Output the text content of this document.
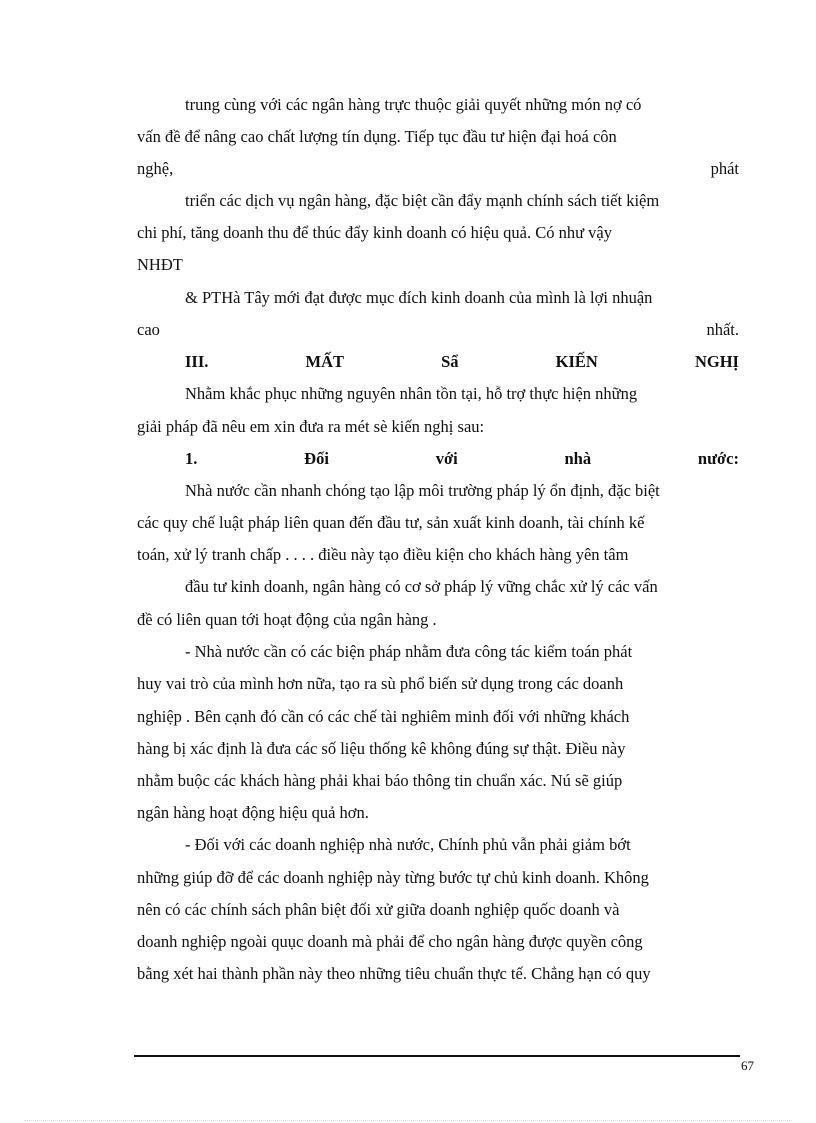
trung cùng với các ngân hàng trực thuộc giải quyết những món nợ có
vấn đề để nâng cao chất lượng tín dụng. Tiếp tục đầu tư hiện đại hoá côn
nghệ,	phát
triển các dịch vụ ngân hàng, đặc biệt cần đẩy mạnh chính sách tiết kiệm
chi phí, tăng doanh thu để thúc đẩy kinh doanh có hiệu quả. Có như vậy
NHĐT
& PTHà Tây mới đạt được mục đích kinh doanh của mình là lợi nhuận
cao	nhất.
III.	MẤT	Sẩ	KIẾN	NGHỊ
Nhằm khắc phục những nguyên nhân tồn tại, hỗ trợ thực hiện những
giải pháp đã nêu em xin đưa ra mét sè kiến nghị sau:
1.	Đối	với	nhà	nước:
Nhà nước cần nhanh chóng tạo lập môi trường pháp lý ổn định, đặc biệt
các quy chế luật pháp liên quan đến đầu tư, sản xuất kinh doanh, tài chính kế
toán, xử lý tranh chấp . . . . điều này tạo điều kiện cho khách hàng yên tâm
đầu tư kinh doanh, ngân hàng có cơ sở pháp lý vững chắc xử lý các vấn
đề có liên quan tới hoạt động của ngân hàng .
- Nhà nước cần có các biện pháp nhằm đưa công tác kiểm toán phát
huy vai trò của mình hơn nữa, tạo ra sù phổ biến sử dụng trong các doanh
nghiệp . Bên cạnh đó cần có các chế tài nghiêm minh đối với những khách
hàng bị xác định là đưa các số liệu thống kê không đúng sự thật. Điều này
nhằm buộc các khách hàng phải khai báo thông tin chuẩn xác. Nú sẽ giúp
ngân hàng hoạt động hiệu quả hơn.
- Đối với các doanh nghiệp nhà nước, Chính phủ vẫn phải giảm bớt
những giúp đỡ để các doanh nghiệp này từng bước tự chủ kinh doanh. Không
nên có các chính sách phân biệt đối xử giữa doanh nghiệp quốc doanh và
doanh nghiệp ngoài quục doanh mà phải để cho ngân hàng được quyền công
bằng xét hai thành phần này theo những tiêu chuẩn thực tế. Chẳng hạn có quy
67
